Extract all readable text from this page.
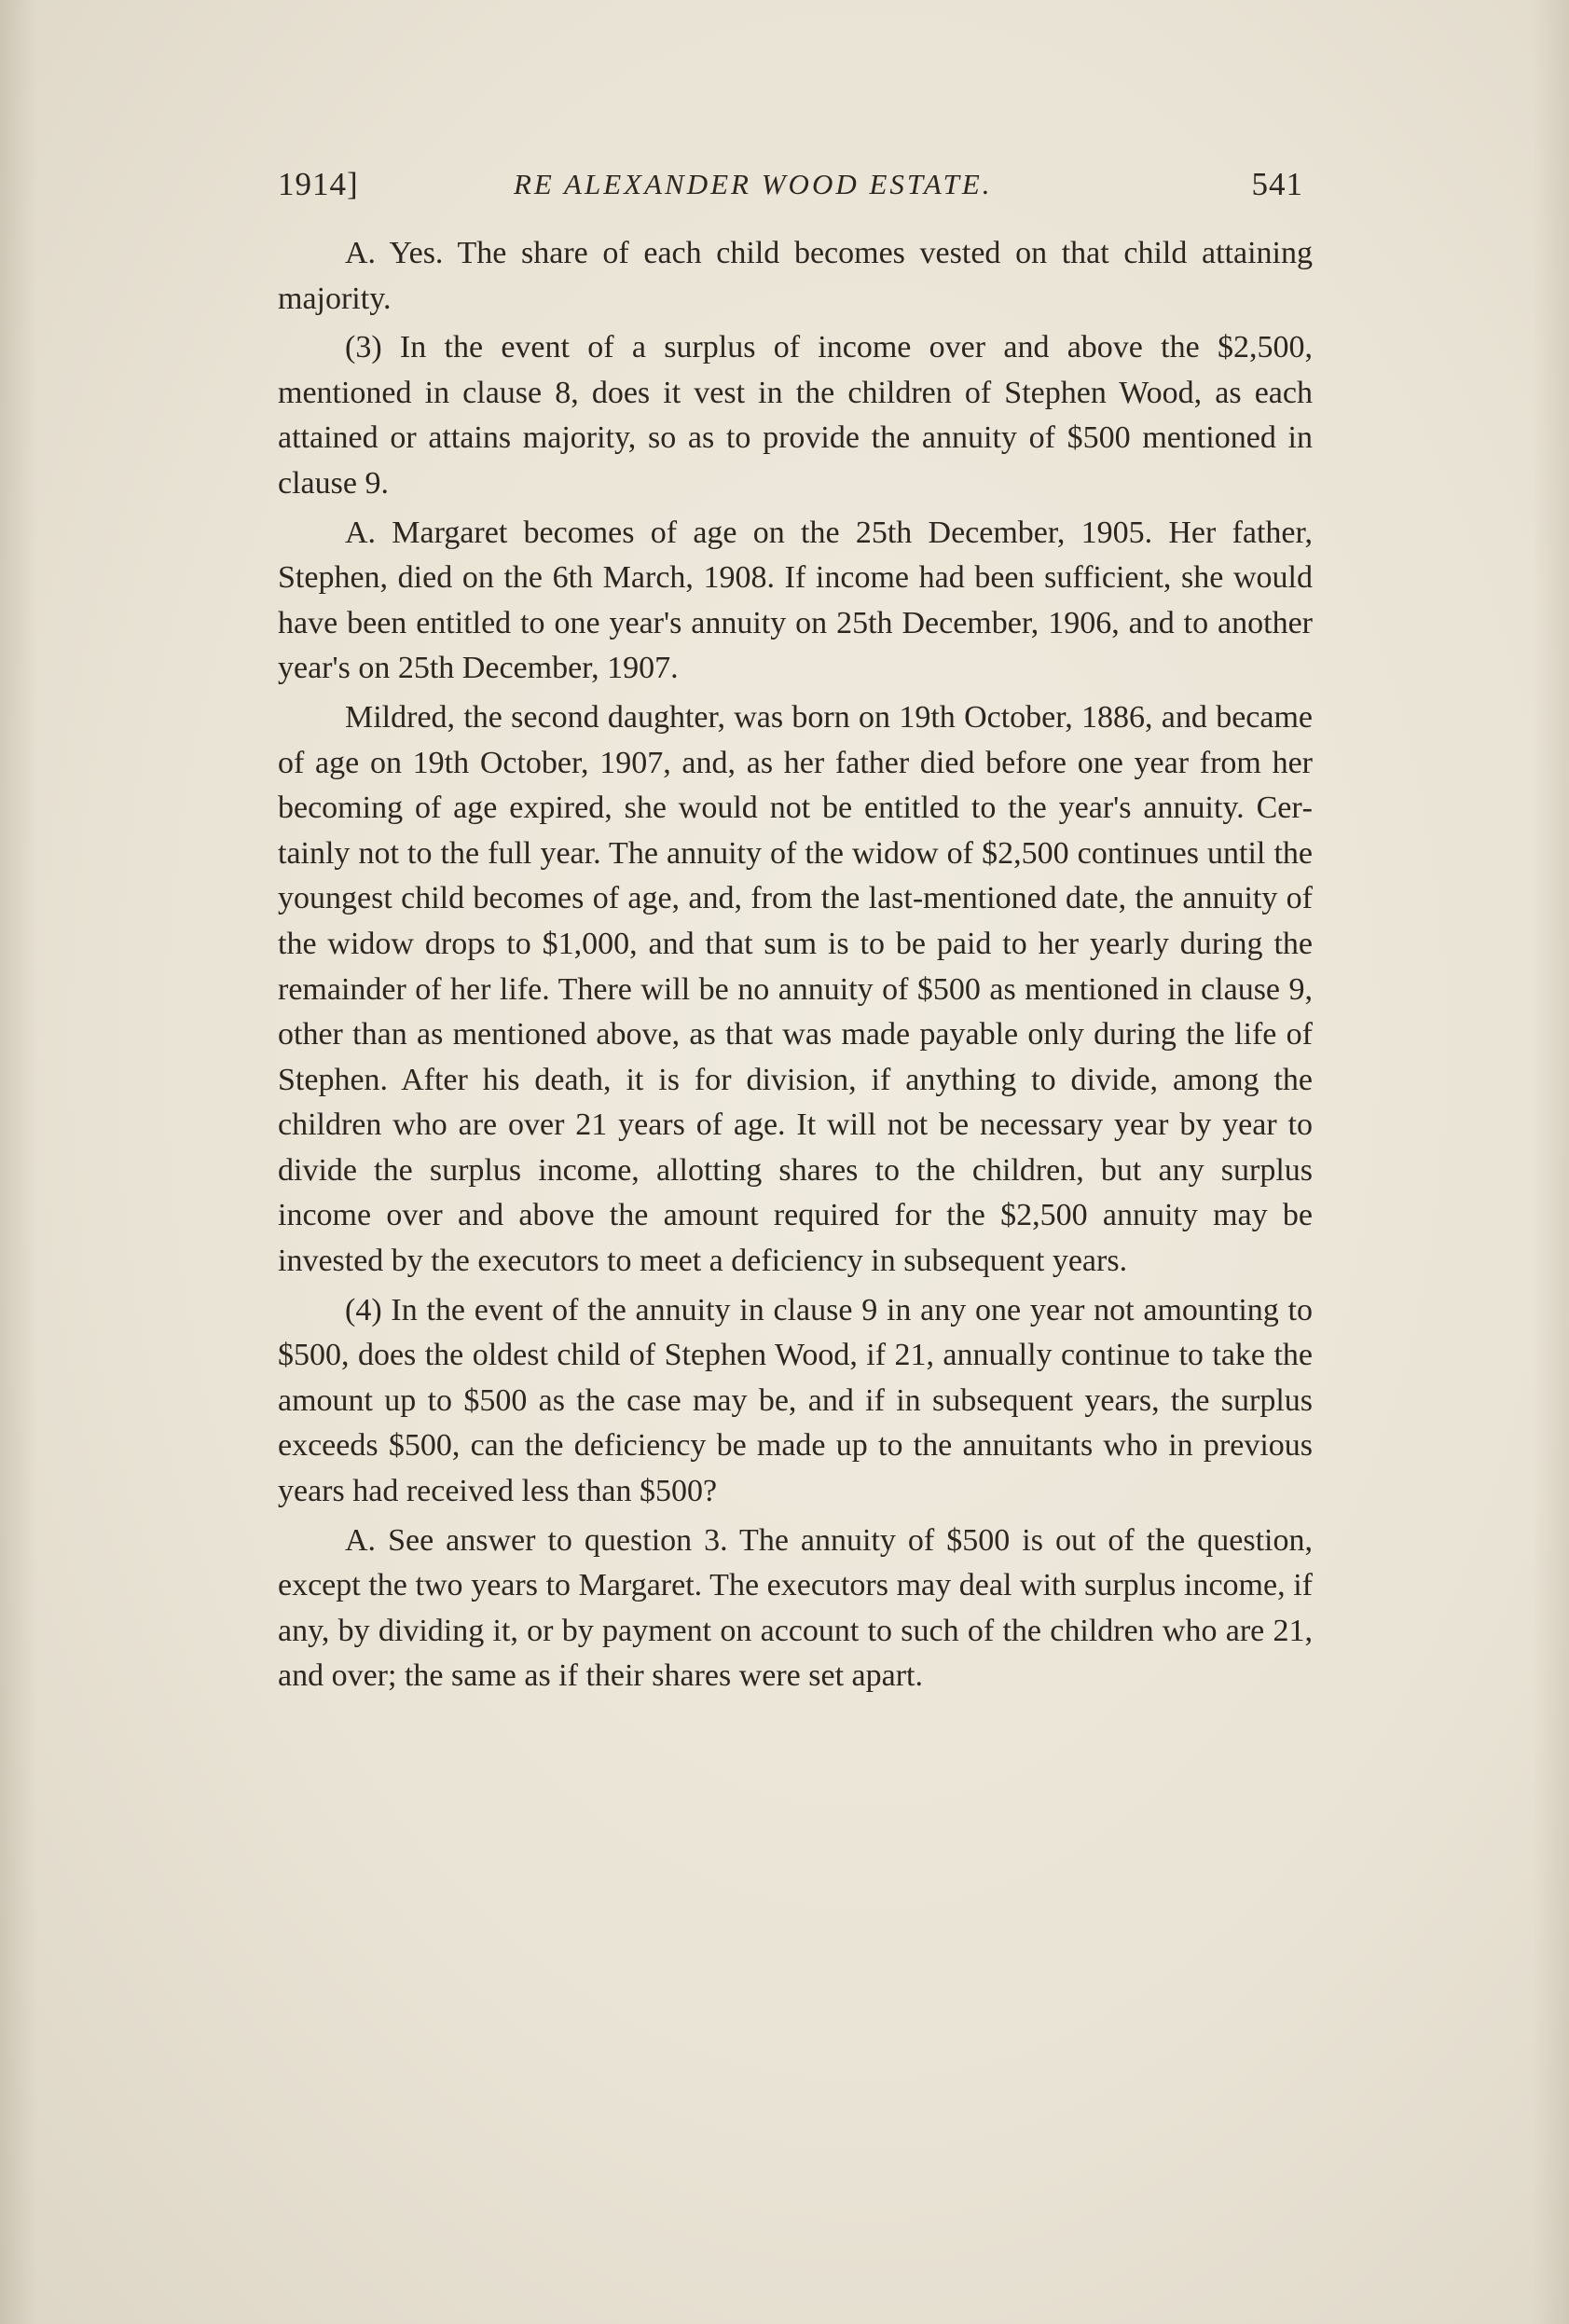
1914]	RE ALEXANDER WOOD ESTATE.	541

A. Yes. The share of each child becomes vested on that child attaining majority.

(3) In the event of a surplus of income over and above the $2,500, mentioned in clause 8, does it vest in the children of Stephen Wood, as each attained or attains majority, so as to provide the annuity of $500 mentioned in clause 9.

A. Margaret becomes of age on the 25th December, 1905. Her father, Stephen, died on the 6th March, 1908. If income had been sufficient, she would have been entitled to one year's annuity on 25th December, 1906, and to another year's on 25th December, 1907.

Mildred, the second daughter, was born on 19th October, 1886, and became of age on 19th October, 1907, and, as her father died before one year from her becoming of age expired, she would not be entitled to the year's annuity. Certainly not to the full year. The annuity of the widow of $2,500 continues until the youngest child becomes of age, and, from the last-mentioned date, the annuity of the widow drops to $1,000, and that sum is to be paid to her yearly during the remainder of her life. There will be no annuity of $500 as mentioned in clause 9, other than as mentioned above, as that was made payable only during the life of Stephen. After his death, it is for division, if anything to divide, among the children who are over 21 years of age. It will not be necessary year by year to divide the surplus income, allotting shares to the children, but any surplus income over and above the amount required for the $2,500 annuity may be invested by the executors to meet a deficiency in subsequent years.

(4) In the event of the annuity in clause 9 in any one year not amounting to $500, does the oldest child of Stephen Wood, if 21, annually continue to take the amount up to $500 as the case may be, and if in subsequent years, the surplus exceeds $500, can the deficiency be made up to the annuitants who in previous years had received less than $500?

A. See answer to question 3. The annuity of $500 is out of the question, except the two years to Margaret. The executors may deal with surplus income, if any, by dividing it, or by payment on account to such of the children who are 21, and over; the same as if their shares were set apart.
